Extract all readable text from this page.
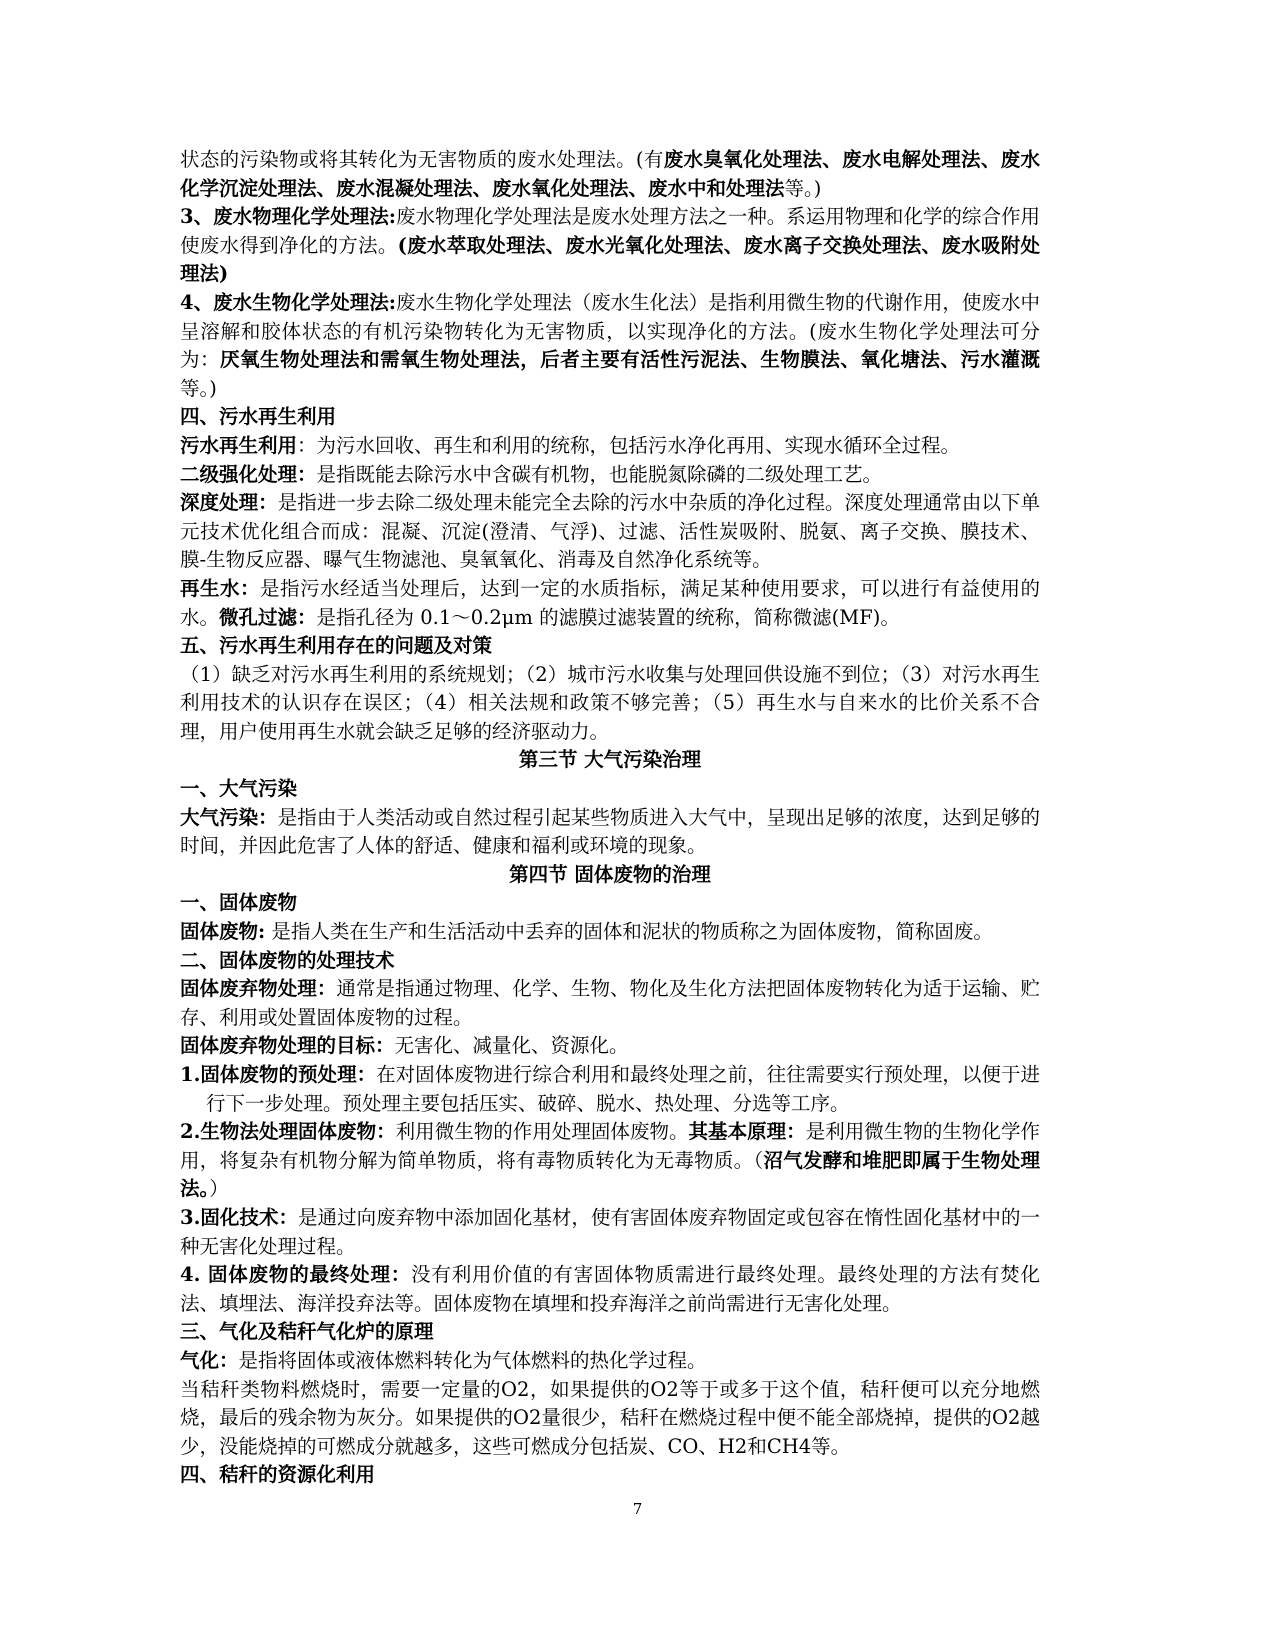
状态的污染物或将其转化为无害物质的废水处理法。(有废水臭氧化处理法、废水电解处理法、废水化学沉淀处理法、废水混凝处理法、废水氧化处理法、废水中和处理法等。)

3、废水物理化学处理法:废水物理化学处理法是废水处理方法之一种。系运用物理和化学的综合作用使废水得到净化的方法。(废水萃取处理法、废水光氧化处理法、废水离子交换处理法、废水吸附处理法)

4、废水生物化学处理法:废水生物化学处理法（废水生化法）是指利用微生物的代谢作用，使废水中呈溶解和胶体状态的有机污染物转化为无害物质，以实现净化的方法。(废水生物化学处理法可分为：厌氧生物处理法和需氧生物处理法，后者主要有活性污泥法、生物膜法、氧化塘法、污水灌溉等。)

四、污水再生利用

污水再生利用：为污水回收、再生和利用的统称，包括污水净化再用、实现水循环全过程。

二级强化处理：是指既能去除污水中含碳有机物，也能脱氮除磷的二级处理工艺。

深度处理：是指进一步去除二级处理未能完全去除的污水中杂质的净化过程。深度处理通常由以下单元技术优化组合而成：混凝、沉淀(澄清、气浮)、过滤、活性炭吸附、脱氨、离子交换、膜技术、膜-生物反应器、曝气生物滤池、臭氧氧化、消毒及自然净化系统等。

再生水：是指污水经适当处理后，达到一定的水质指标，满足某种使用要求，可以进行有益使用的水。微孔过滤：是指孔径为 0.1～0.2μm 的滤膜过滤装置的统称，简称微滤(MF)。

五、污水再生利用存在的问题及对策

（1）缺乏对污水再生利用的系统规划；（2）城市污水收集与处理回供设施不到位；（3）对污水再生利用技术的认识存在误区；（4）相关法规和政策不够完善；（5）再生水与自来水的比价关系不合理，用户使用再生水就会缺乏足够的经济驱动力。

第三节 大气污染治理

一、大气污染

大气污染：是指由于人类活动或自然过程引起某些物质进入大气中，呈现出足够的浓度，达到足够的时间，并因此危害了人体的舒适、健康和福利或环境的现象。

第四节 固体废物的治理

一、固体废物

固体废物: 是指人类在生产和生活活动中丢弃的固体和泥状的物质称之为固体废物，简称固废。

二、固体废物的处理技术

固体废弃物处理：通常是指通过物理、化学、生物、物化及生化方法把固体废物转化为适于运输、贮存、利用或处置固体废物的过程。

固体废弃物处理的目标：无害化、减量化、资源化。

1.固体废物的预处理：在对固体废物进行综合利用和最终处理之前，往往需要实行预处理，以便于进行下一步处理。预处理主要包括压实、破碎、脱水、热处理、分选等工序。

2.生物法处理固体废物：利用微生物的作用处理固体废物。其基本原理：是利用微生物的生物化学作用，将复杂有机物分解为简单物质，将有毒物质转化为无毒物质。（沼气发酵和堆肥即属于生物处理法。）

3.固化技术：是通过向废弃物中添加固化基材，使有害固体废弃物固定或包容在惰性固化基材中的一种无害化处理过程。

4. 固体废物的最终处理：没有利用价值的有害固体物质需进行最终处理。最终处理的方法有焚化法、填埋法、海洋投弃法等。固体废物在填埋和投弃海洋之前尚需进行无害化处理。

三、气化及秸秆气化炉的原理

气化：是指将固体或液体燃料转化为气体燃料的热化学过程。

当秸秆类物料燃烧时，需要一定量的O2，如果提供的O2等于或多于这个值，秸秆便可以充分地燃烧，最后的残余物为灰分。如果提供的O2量很少，秸秆在燃烧过程中便不能全部烧掉，提供的O2越少，没能烧掉的可燃成分就越多，这些可燃成分包括炭、CO、H2和CH4等。

四、秸秆的资源化利用

7
